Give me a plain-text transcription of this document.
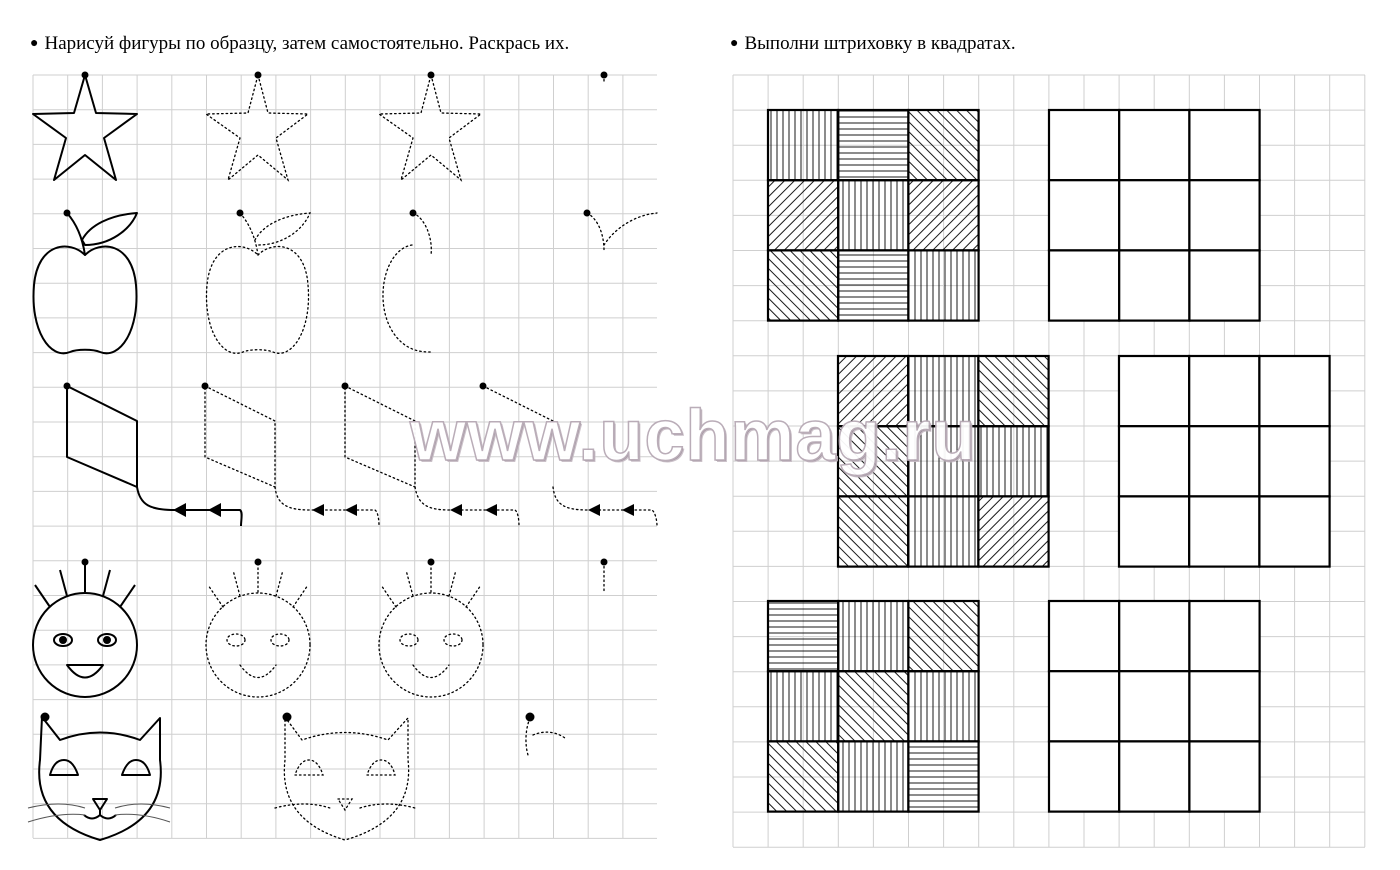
● Нарисуй фигуры по образцу, затем самостоятельно. Раскрась их.	● Выполни штриховку в квадратах.
www.uchmag.ru
